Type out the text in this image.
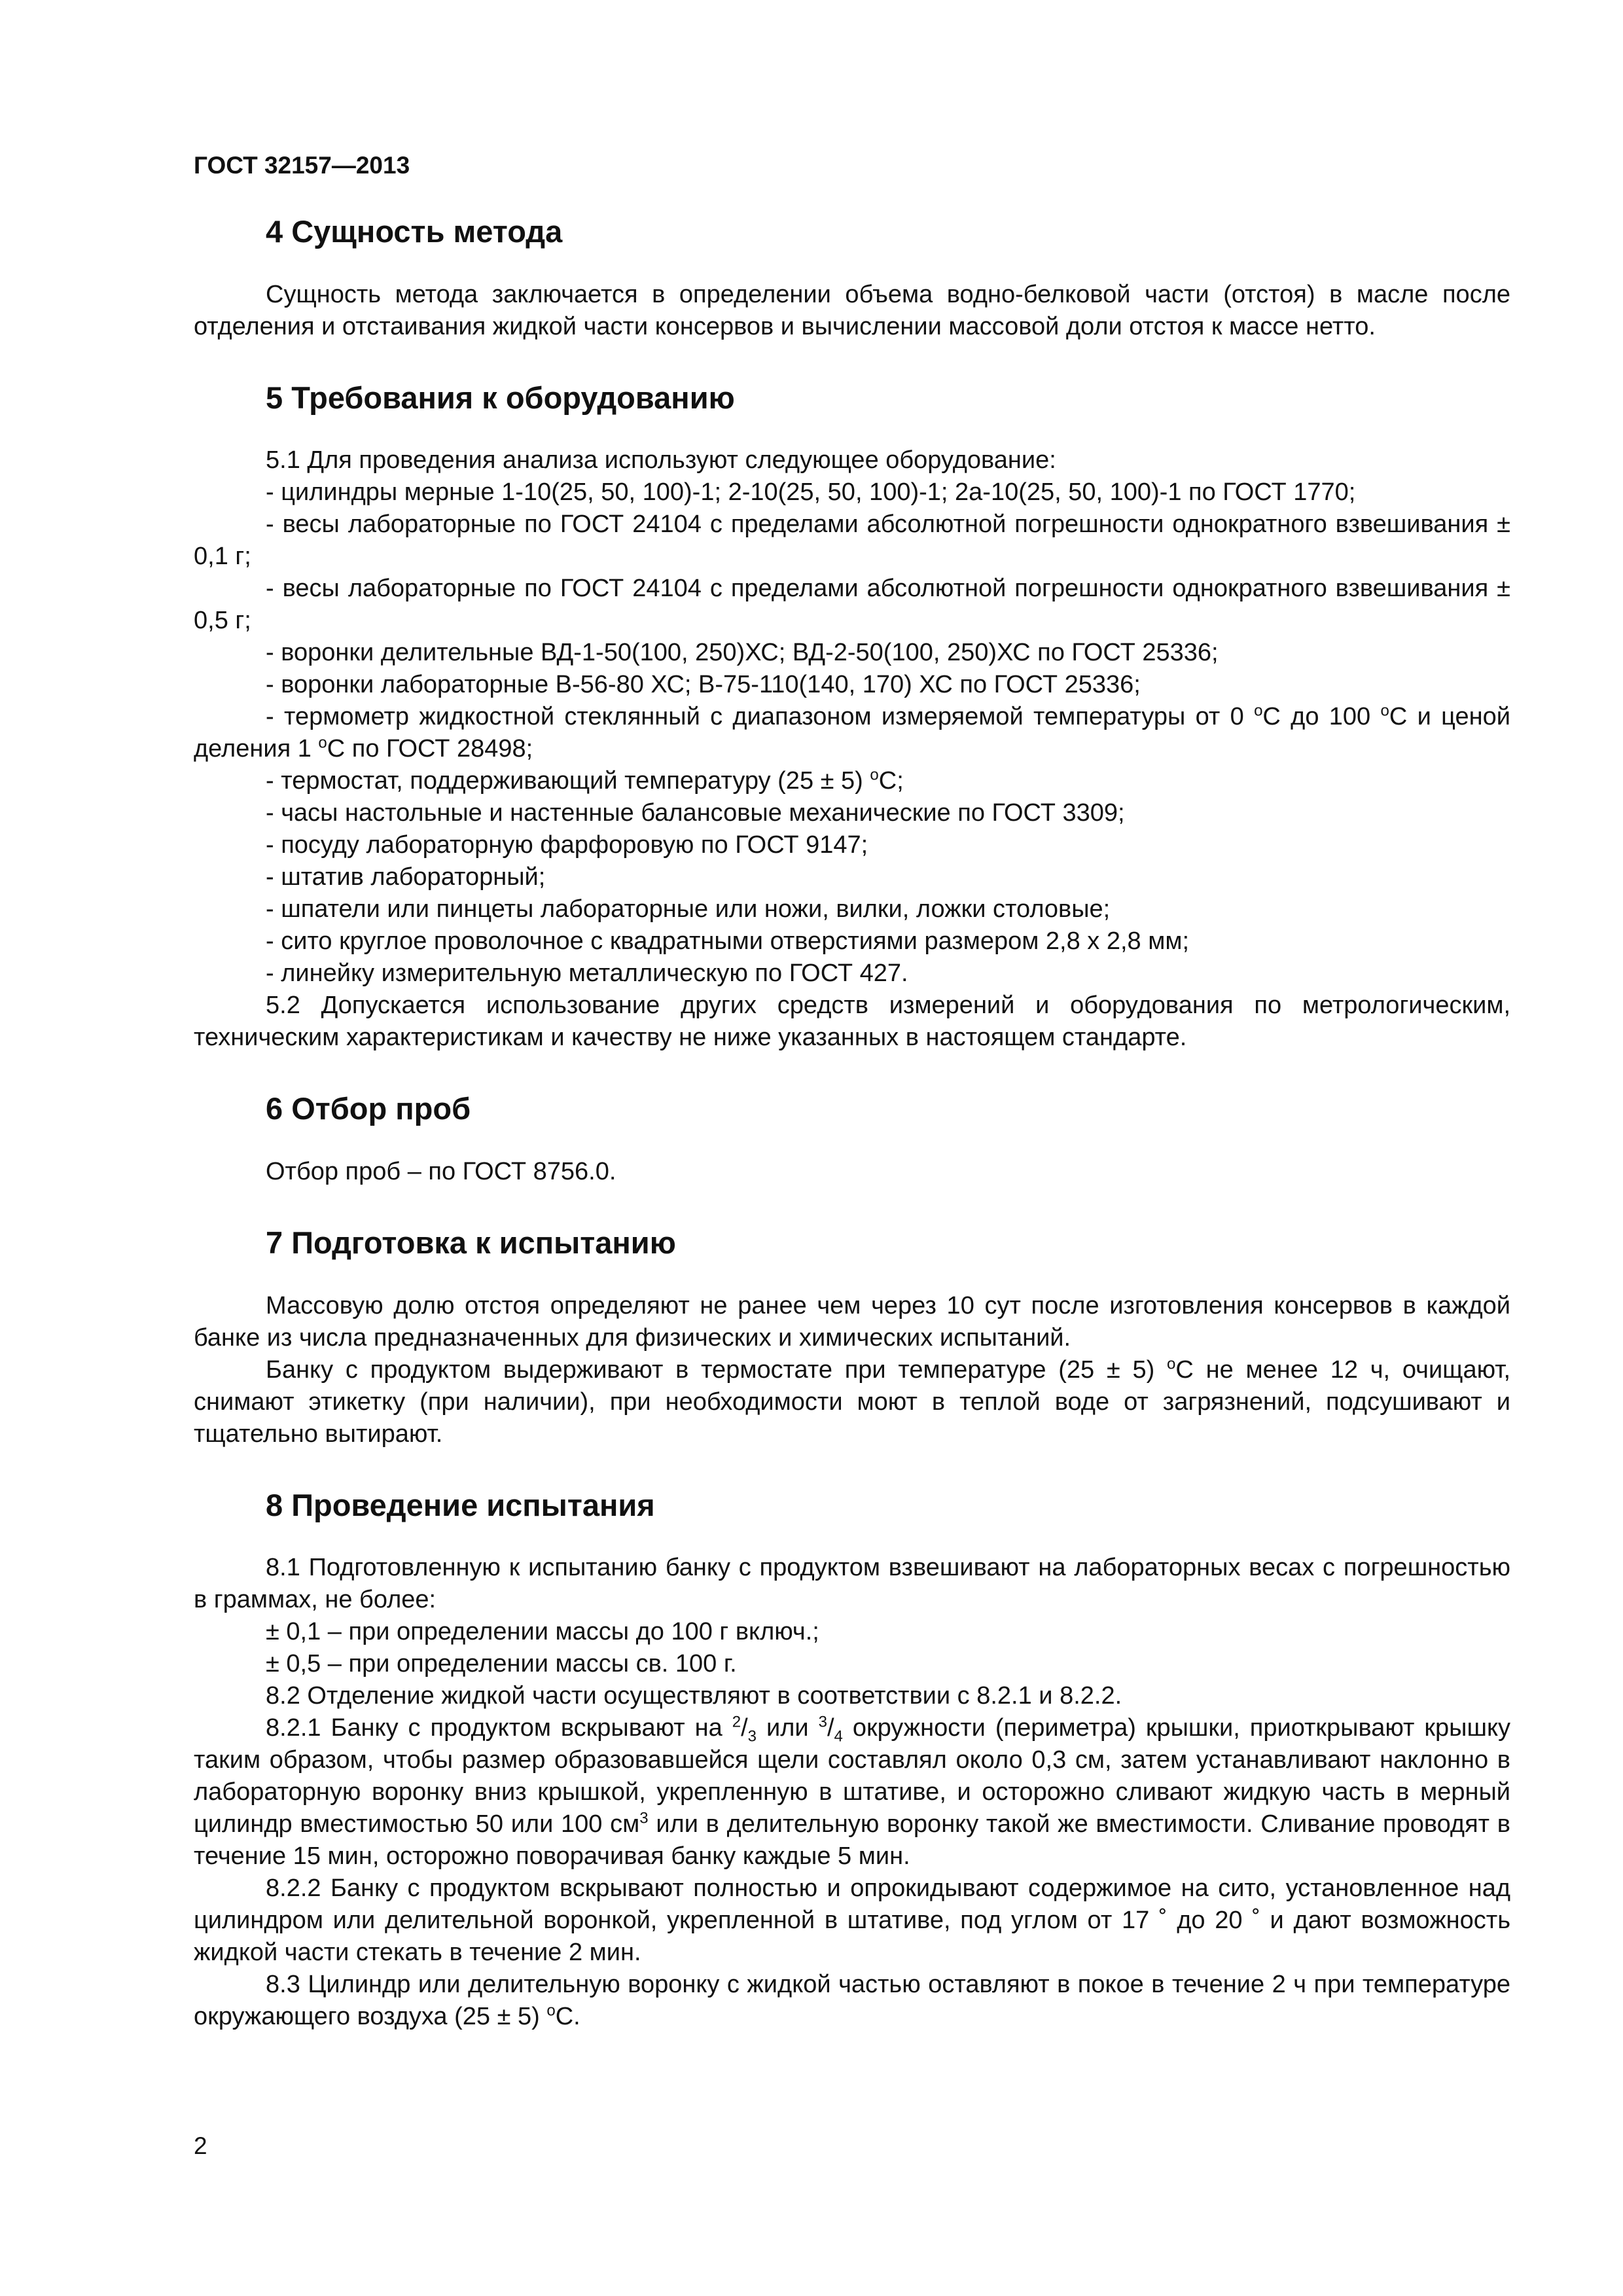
ГОСТ 32157—2013
4 Сущность метода

Сущность метода заключается в определении объема водно-белковой части (отстоя) в масле после отделения и отстаивания жидкой части консервов и вычислении массовой доли отстоя к массе нетто.

5 Требования к оборудованию

5.1 Для проведения анализа используют следующее оборудование:

- цилиндры мерные 1-10(25, 50, 100)-1; 2-10(25, 50, 100)-1; 2а-10(25, 50, 100)-1 по ГОСТ 1770;

- весы лабораторные по ГОСТ 24104 с пределами абсолютной погрешности однократного взвешивания ± 0,1 г;

- весы лабораторные по ГОСТ 24104 с пределами абсолютной погрешности однократного взвешивания ± 0,5 г;

- воронки делительные ВД-1-50(100, 250)ХС; ВД-2-50(100, 250)ХС по ГОСТ 25336;

- воронки лабораторные В-56-80 ХС; В-75-110(140, 170) ХС по ГОСТ 25336;

- термометр жидкостной стеклянный с диапазоном измеряемой температуры от 0 $^о$С до 100 $^о$С и ценой деления 1 $^о$С по ГОСТ 28498;

- термостат, поддерживающий температуру (25 ± 5) $^о$С;

- часы настольные и настенные балансовые механические по ГОСТ 3309;

- посуду лабораторную фарфоровую по ГОСТ 9147;

- штатив лабораторный;

- шпатели или пинцеты лабораторные или ножи, вилки, ложки столовые;

- сито круглое проволочное с квадратными отверстиями размером 2,8 х 2,8 мм;

- линейку измерительную металлическую по ГОСТ 427.

5.2 Допускается использование других средств измерений и оборудования по метрологическим, техническим характеристикам и качеству не ниже указанных в настоящем стандарте.

6 Отбор проб

Отбор проб – по ГОСТ 8756.0.

7 Подготовка к испытанию

Массовую долю отстоя определяют не ранее чем через 10 сут после изготовления консервов в каждой банке из числа предназначенных для физических и химических испытаний.

Банку с продуктом выдерживают в термостате при температуре (25 ± 5) $^о$С не менее 12 ч, очищают, снимают этикетку (при наличии), при необходимости моют в теплой воде от загрязнений, подсушивают и тщательно вытирают.

8 Проведение испытания

8.1 Подготовленную к испытанию банку с продуктом взвешивают на лабораторных весах с погрешностью в граммах, не более:

± 0,1 – при определении массы до 100 г включ.;

± 0,5 – при определении массы св. 100 г.

8.2 Отделение жидкой части осуществляют в соответствии с 8.2.1 и 8.2.2.

8.2.1 Банку с продуктом вскрывают на $^2/_3$ или $^3/_4$ окружности (периметра) крышки, приоткрывают крышку таким образом, чтобы размер образовавшейся щели составлял около 0,3 см, затем устанавливают наклонно в лабораторную воронку вниз крышкой, укрепленную в штативе, и осторожно сливают жидкую часть в мерный цилиндр вместимостью 50 или 100 $см^3$ или в делительную воронку такой же вместимости. Сливание проводят в течение 15 мин, осторожно поворачивая банку каждые 5 мин.

8.2.2 Банку с продуктом вскрывают полностью и опрокидывают содержимое на сито, установленное над цилиндром или делительной воронкой, укрепленной в штативе, под углом от 17 ˚ до 20 ˚ и дают возможность жидкой части стекать в течение 2 мин.

8.3 Цилиндр или делительную воронку с жидкой частью оставляют в покое в течение 2 ч при температуре окружающего воздуха (25 ± 5) $^о$С.

2
